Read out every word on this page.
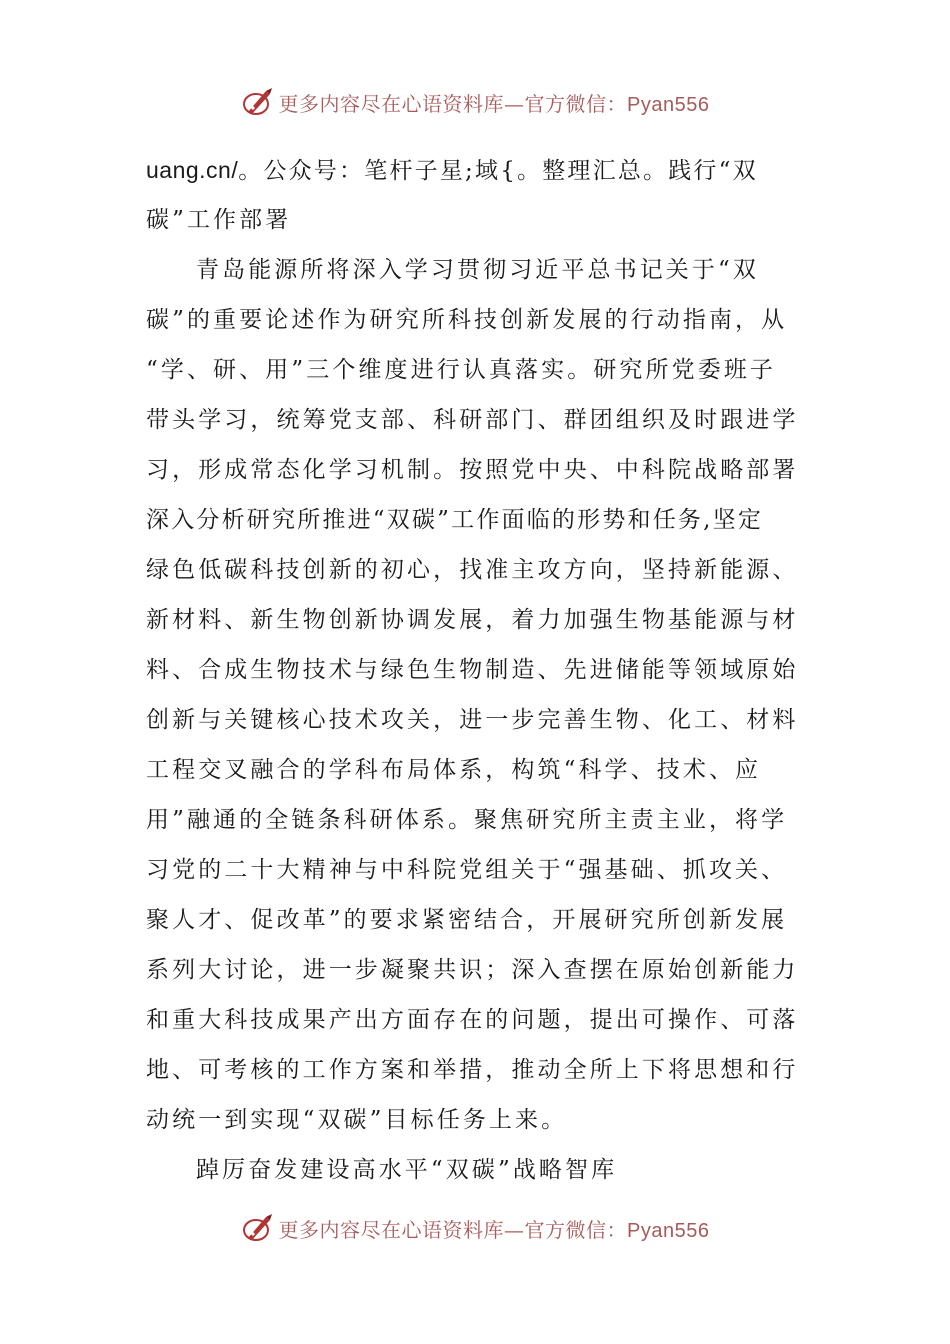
更多内容尽在心语资料库—官方微信：Pyan556
uang.cn/。公众号：笔杆子星;域{。整理汇总。践行“双
碳”工作部署
青岛能源所将深入学习贯彻习近平总书记关于“双
碳”的重要论述作为研究所科技创新发展的行动指南，从
“学、研、用”三个维度进行认真落实。研究所党委班子
带头学习，统筹党支部、科研部门、群团组织及时跟进学
习，形成常态化学习机制。按照党中央、中科院战略部署
深入分析研究所推进“双碳”工作面临的形势和任务,坚定
绿色低碳科技创新的初心，找准主攻方向，坚持新能源、
新材料、新生物创新协调发展，着力加强生物基能源与材
料、合成生物技术与绿色生物制造、先进储能等领域原始
创新与关键核心技术攻关，进一步完善生物、化工、材料
工程交叉融合的学科布局体系，构筑“科学、技术、应
用”融通的全链条科研体系。聚焦研究所主责主业，将学
习党的二十大精神与中科院党组关于“强基础、抓攻关、
聚人才、促改革”的要求紧密结合，开展研究所创新发展
系列大讨论，进一步凝聚共识；深入查摆在原始创新能力
和重大科技成果产出方面存在的问题，提出可操作、可落
地、可考核的工作方案和举措，推动全所上下将思想和行
动统一到实现“双碳”目标任务上来。
踔厉奋发建设高水平“双碳”战略智库
更多内容尽在心语资料库—官方微信：Pyan556
